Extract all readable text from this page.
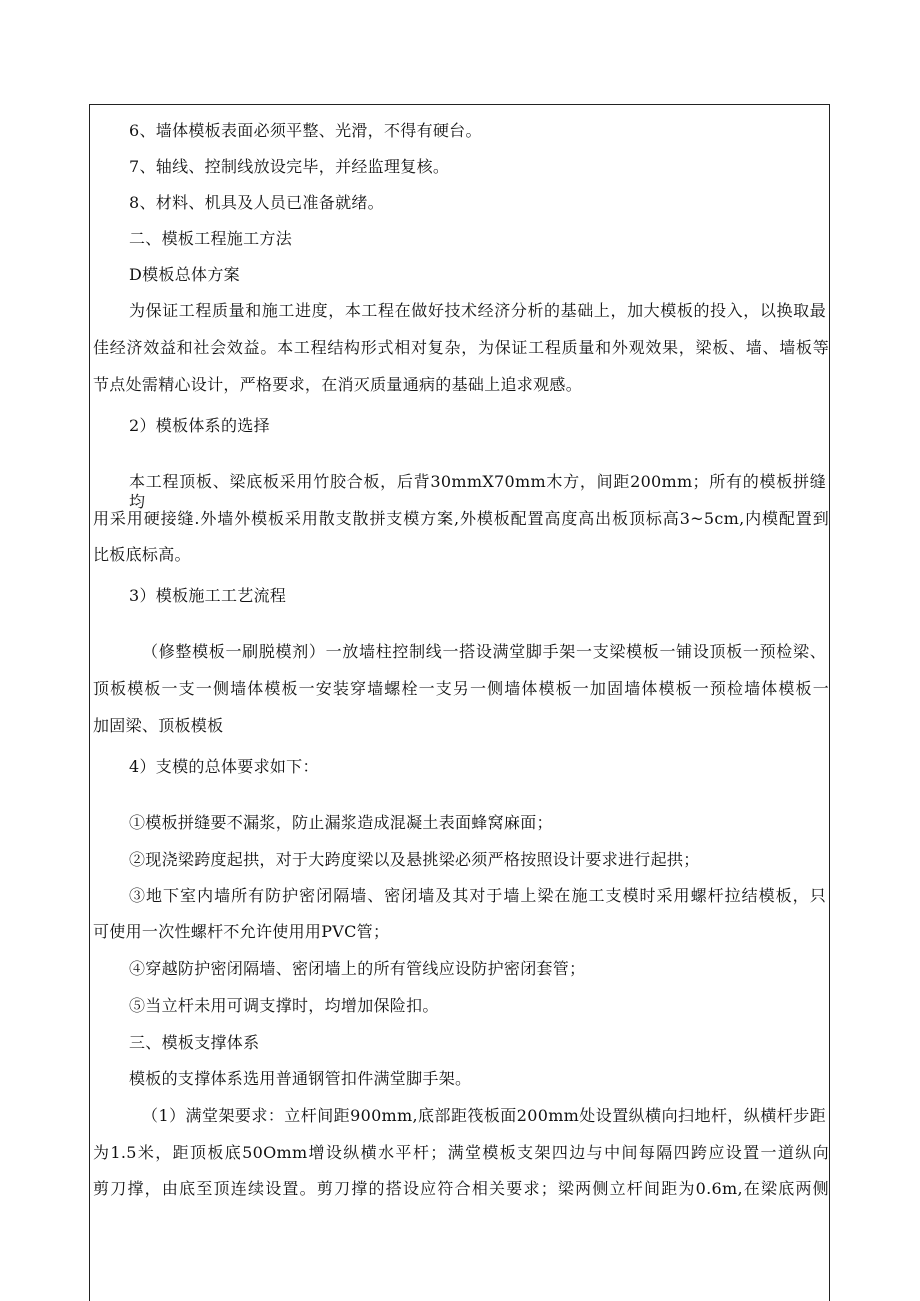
6、墙体模板表面必须平整、光滑，不得有硬台。
7、轴线、控制线放设完毕，并经监理复核。
8、材料、机具及人员已准备就绪。
二、模板工程施工方法
D模板总体方案
为保证工程质量和施工进度，本工程在做好技术经济分析的基础上，加大模板的投入，以换取最
佳经济效益和社会效益。本工程结构形式相对复杂，为保证工程质量和外观效果，梁板、墙、墙板等
节点处需精心设计，严格要求，在消灭质量通病的基础上追求观感。
2）模板体系的选择
本工程顶板、梁底板采用竹胶合板，后背30mmX70mm木方，间距200mm；所有的模板拼缝均
用采用硬接缝.外墙外模板采用散支散拼支模方案,外模板配置高度高出板顶标高3~5cm,内模配置到
比板底标高。
3）模板施工工艺流程
（修整模板一刷脱模剂）一放墙柱控制线一搭设满堂脚手架一支梁模板一铺设顶板一预检梁、
顶板模板一支一侧墙体模板一安装穿墙螺栓一支另一侧墙体模板一加固墙体模板一预检墙体模板一
加固梁、顶板模板
4）支模的总体要求如下：
①模板拼缝要不漏浆，防止漏浆造成混凝土表面蜂窝麻面；
②现浇梁跨度起拱，对于大跨度梁以及悬挑梁必须严格按照设计要求进行起拱；
③地下室内墙所有防护密闭隔墙、密闭墙及其对于墙上梁在施工支模时采用螺杆拉结模板，只
可使用一次性螺杆不允许使用用PVC管；
④穿越防护密闭隔墙、密闭墙上的所有管线应设防护密闭套管；
⑤当立杆未用可调支撑时，均增加保险扣。
三、模板支撑体系
模板的支撑体系选用普通钢管扣件满堂脚手架。
（1）满堂架要求：立杆间距900mm,底部距筏板面200mm处设置纵横向扫地杆，纵横杆步距
为1.5米，距顶板底50Omm增设纵横水平杆；满堂模板支架四边与中间每隔四跨应设置一道纵向
剪刀撑，由底至顶连续设置。剪刀撑的搭设应符合相关要求；梁两侧立杆间距为0.6m,在梁底两侧
